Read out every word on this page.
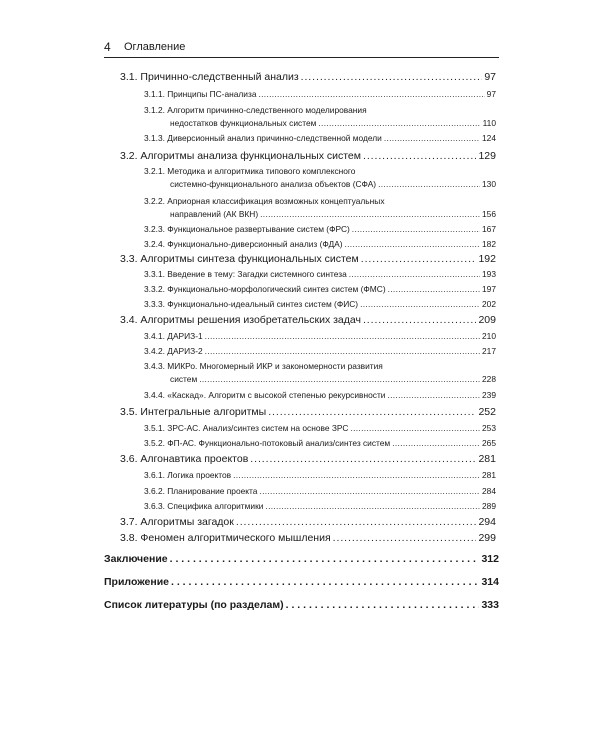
4 Оглавление
3.1. Причинно-следственный анализ . . .	97
3.1.1. Принципы ПС-анализа . . .	97
3.1.2. Алгоритм причинно-следственного моделирования
недостатков функциональных систем . . .	110
3.1.3. Диверсионный анализ причинно-следственной модели . . .	124
3.2. Алгоритмы анализа функциональных систем . . .	129
3.2.1. Методика и алгоритмика типового комплексного
системно-функционального анализа объектов (СФА) . . .	130
3.2.2. Априорная классификация возможных концептуальных
направлений (АК ВКН) . . .	156
3.2.3. Функциональное развертывание систем (ФРС) . . .	167
3.2.4. Функционально-диверсионный анализ (ФДА) . . .	182
3.3. Алгоритмы синтеза функциональных систем . . .	192
3.3.1. Введение в тему: Загадки системного синтеза . . .	193
3.3.2. Функционально-морфологический синтез систем (ФМС) . . .	197
3.3.3. Функционально-идеальный синтез систем (ФИС) . . .	202
3.4. Алгоритмы решения изобретательских задач . . .	209
3.4.1. ДАРИЗ-1 . . .	210
3.4.2. ДАРИЗ-2 . . .	217
3.4.3. МИКРо. Многомерный ИКР и закономерности развития
систем . . .	228
3.4.4. «Каскад». Алгоритм с высокой степенью рекурсивности . . .	239
3.5. Интегральные алгоритмы . . .	252
3.5.1. ЗРС-АС. Анализ/синтез систем на основе ЗРС . . .	253
3.5.2. ФП-АС. Функционально-потоковый анализ/синтез систем . . .	265
3.6. Алгонавтика проектов . . .	281
3.6.1. Логика проектов . . .	281
3.6.2. Планирование проекта . . .	284
3.6.3. Специфика алгоритмики . . .	289
3.7. Алгоритмы загадок . . .	294
3.8. Феномен алгоритмического мышления . . .	299
Заключение . . .	312
Приложение . . .	314
Список литературы (по разделам) . . .	333
